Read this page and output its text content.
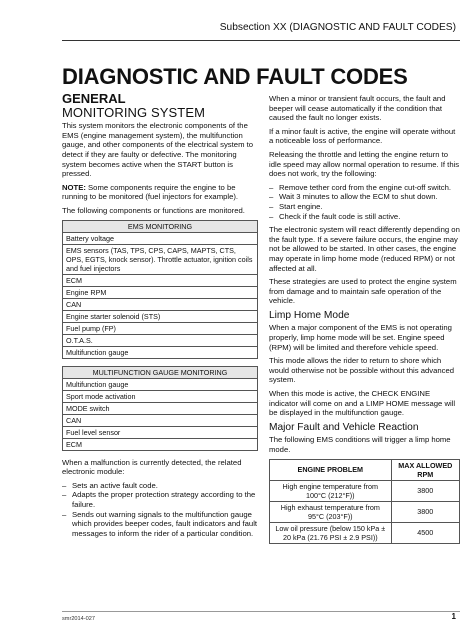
Subsection XX (DIAGNOSTIC AND FAULT CODES)
DIAGNOSTIC AND FAULT CODES
GENERAL
MONITORING SYSTEM

This system monitors the electronic components of the EMS (engine management system), the multifunction gauge, and other components of the electrical system to detect if they are faulty or defective. The monitoring system becomes active when the START button is pressed.

NOTE: Some components require the engine to be running to be monitored (fuel injectors for example).

The following components or functions are monitored.

EMS MONITORING
Battery voltage
EMS sensors (TAS, TPS, CPS, CAPS, MAPTS, CTS, OPS, EGTS, knock sensor). Throttle actuator, ignition coils and fuel injectors
ECM
Engine RPM
CAN
Engine starter solenoid (STS)
Fuel pump (FP)
O.T.A.S.
Multifunction gauge
MULTIFUNCTION GAUGE MONITORING
Multifunction gauge
Sport mode activation
MODE switch
CAN
Fuel level sensor
ECM

When a malfunction is currently detected, the related electronic module:

– Sets an active fault code.
– Adapts the proper protection strategy according to the failure.
– Sends out warning signals to the multifunction gauge which provides beeper codes, fault indicators and fault messages to inform the rider of a particular condition.

When a minor or transient fault occurs, the fault and beeper will cease automatically if the condition that caused the fault no longer exists.

If a minor fault is active, the engine will operate without a noticeable loss of performance.

Releasing the throttle and letting the engine return to idle speed may allow normal operation to resume. If this does not work, try the following:

– Remove tether cord from the engine cut-off switch.
– Wait 3 minutes to allow the ECM to shut down.
– Start engine.
– Check if the fault code is still active.

The electronic system will react differently depending on the fault type. If a severe failure occurs, the engine may not be allowed to be started. In other cases, the engine may operate in limp home mode (reduced RPM) or not affected at all.

These strategies are used to protect the engine system from damage and to maintain safe operation of the vehicle.

Limp Home Mode

When a major component of the EMS is not operating properly, limp home mode will be set. Engine speed (RPM) will be limited and therefore vehicle speed.

This mode allows the rider to return to shore which would otherwise not be possible without this advanced system.

When this mode is active, the CHECK ENGINE indicator will come on and a LIMP HOME message will be displayed in the multifunction gauge.

Major Fault and Vehicle Reaction

The following EMS conditions will trigger a limp home mode.

ENGINE PROBLEM	MAX ALLOWED RPM
High engine temperature from 100°C (212°F))	3800
High exhaust temperature from 95°C (203°F))	3800
Low oil pressure (below 150 kPa ± 20 kPa (21.76 PSI ± 2.9 PSI))	4500
smr2014-027	1
